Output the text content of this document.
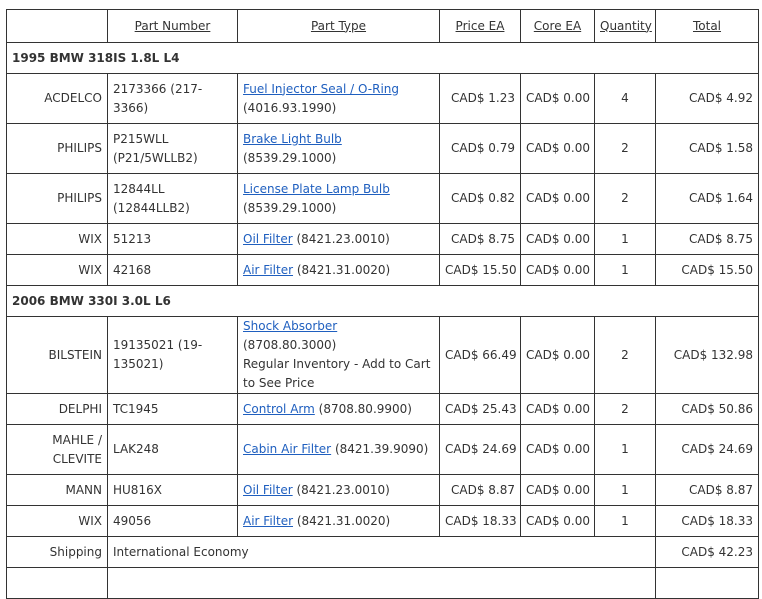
	Part Number	Part Type	Price EA	Core EA	Quantity	Total
1995 BMW 318IS 1.8L L4						
ACDELCO	2173366 (217-3366)	Fuel Injector Seal / O-Ring
(4016.93.1990)	CAD$ 1.23	CAD$ 0.00	4	CAD$ 4.92
PHILIPS	P215WLL (P21/5WLLB2)	Brake Light Bulb (8539.29.1000)	CAD$ 0.79	CAD$ 0.00	2	CAD$ 1.58
PHILIPS	12844LL (12844LLB2)	License Plate Lamp Bulb
(8539.29.1000)	CAD$ 0.82	CAD$ 0.00	2	CAD$ 1.64
WIX	51213	Oil Filter (8421.23.0010)	CAD$ 8.75	CAD$ 0.00	1	CAD$ 8.75
WIX	42168	Air Filter (8421.31.0020)	CAD$ 15.50	CAD$ 0.00	1	CAD$ 15.50
2006 BMW 330I 3.0L L6						
BILSTEIN	19135021 (19-135021)	Shock Absorber (8708.80.3000)
Regular Inventory - Add to Cart to See Price	CAD$ 66.49	CAD$ 0.00	2	CAD$ 132.98
DELPHI	TC1945	Control Arm (8708.80.9900)	CAD$ 25.43	CAD$ 0.00	2	CAD$ 50.86
MAHLE / CLEVITE	LAK248	Cabin Air Filter (8421.39.9090)	CAD$ 24.69	CAD$ 0.00	1	CAD$ 24.69
MANN	HU816X	Oil Filter (8421.23.0010)	CAD$ 8.87	CAD$ 0.00	1	CAD$ 8.87
WIX	49056	Air Filter (8421.31.0020)	CAD$ 18.33	CAD$ 0.00	1	CAD$ 18.33
Shipping	International Economy					CAD$ 42.23
